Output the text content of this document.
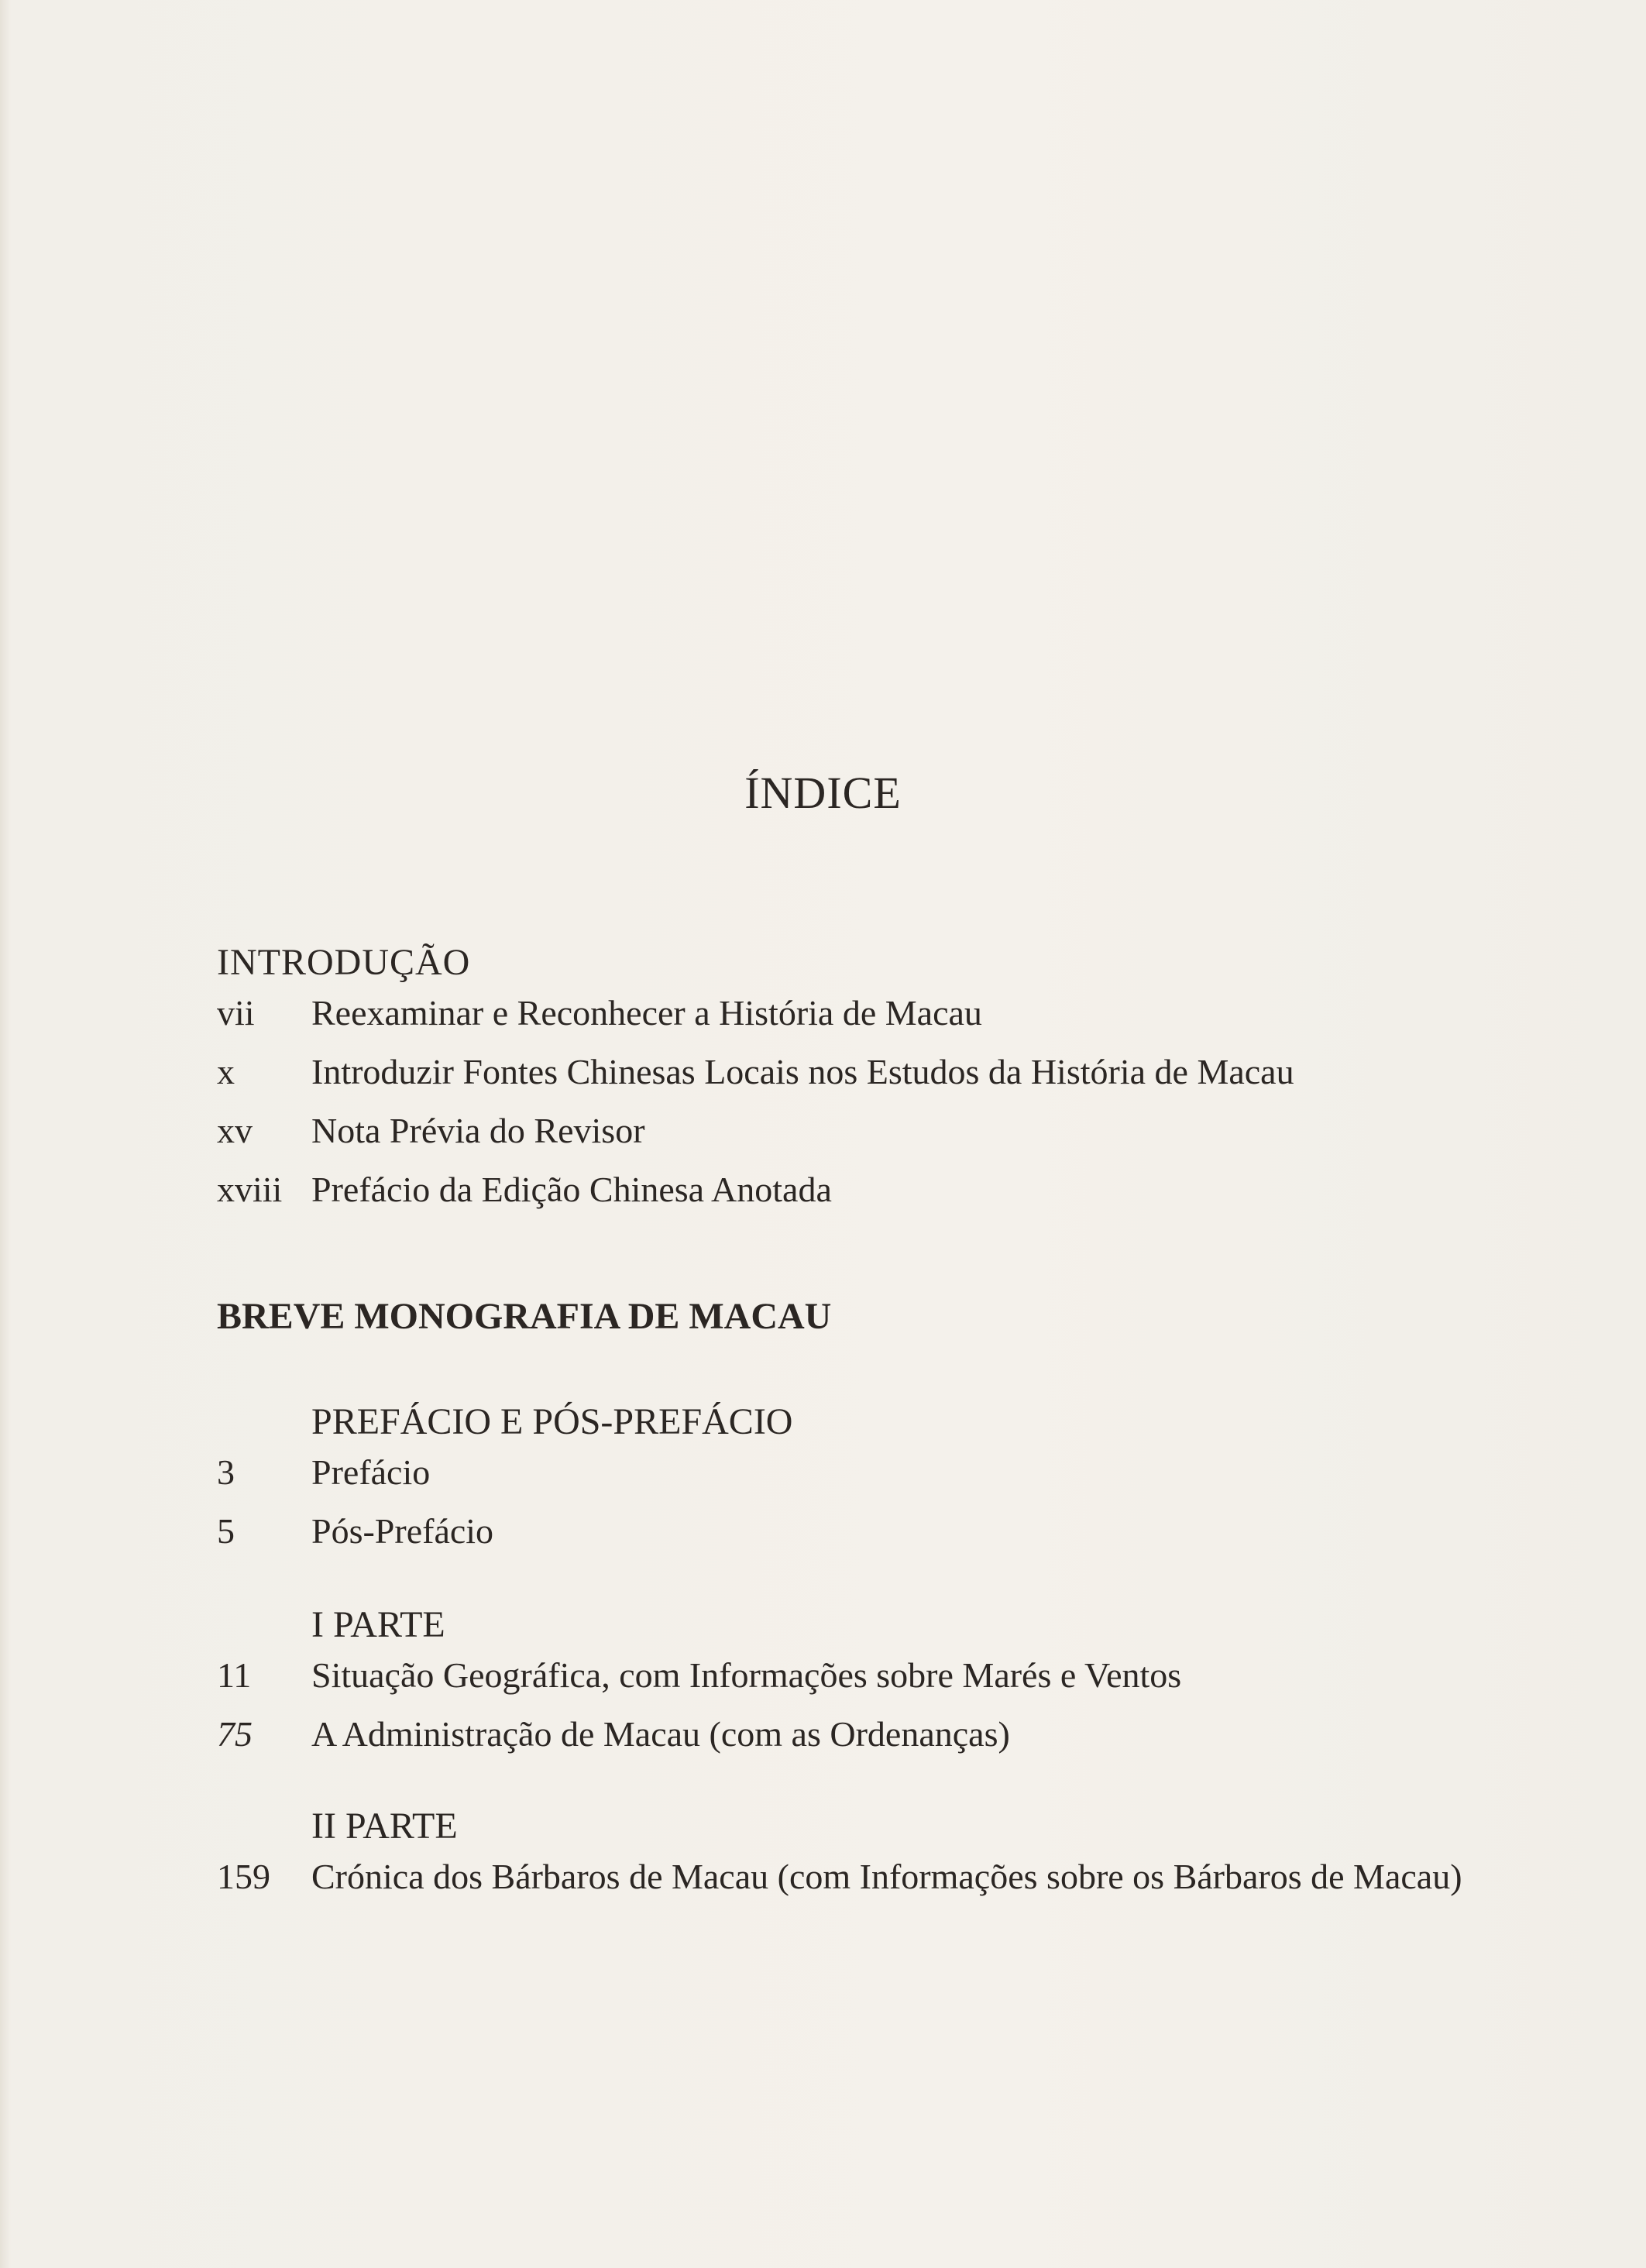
ÍNDICE
INTRODUÇÃO
vii	Reexaminar e Reconhecer a História de Macau
x	Introduzir Fontes Chinesas Locais nos Estudos da História de Macau
xv	Nota Prévia do Revisor
xviii Prefácio da Edição Chinesa Anotada
BREVE MONOGRAFIA DE MACAU
PREFÁCIO E PÓS-PREFÁCIO
3	Prefácio
5	Pós-Prefácio
I PARTE
11	Situação Geográfica, com Informações sobre Marés e Ventos
75	A Administração de Macau (com as Ordenanças)
II PARTE
159	Crónica dos Bárbaros de Macau (com Informações sobre os Bárbaros de Macau)
